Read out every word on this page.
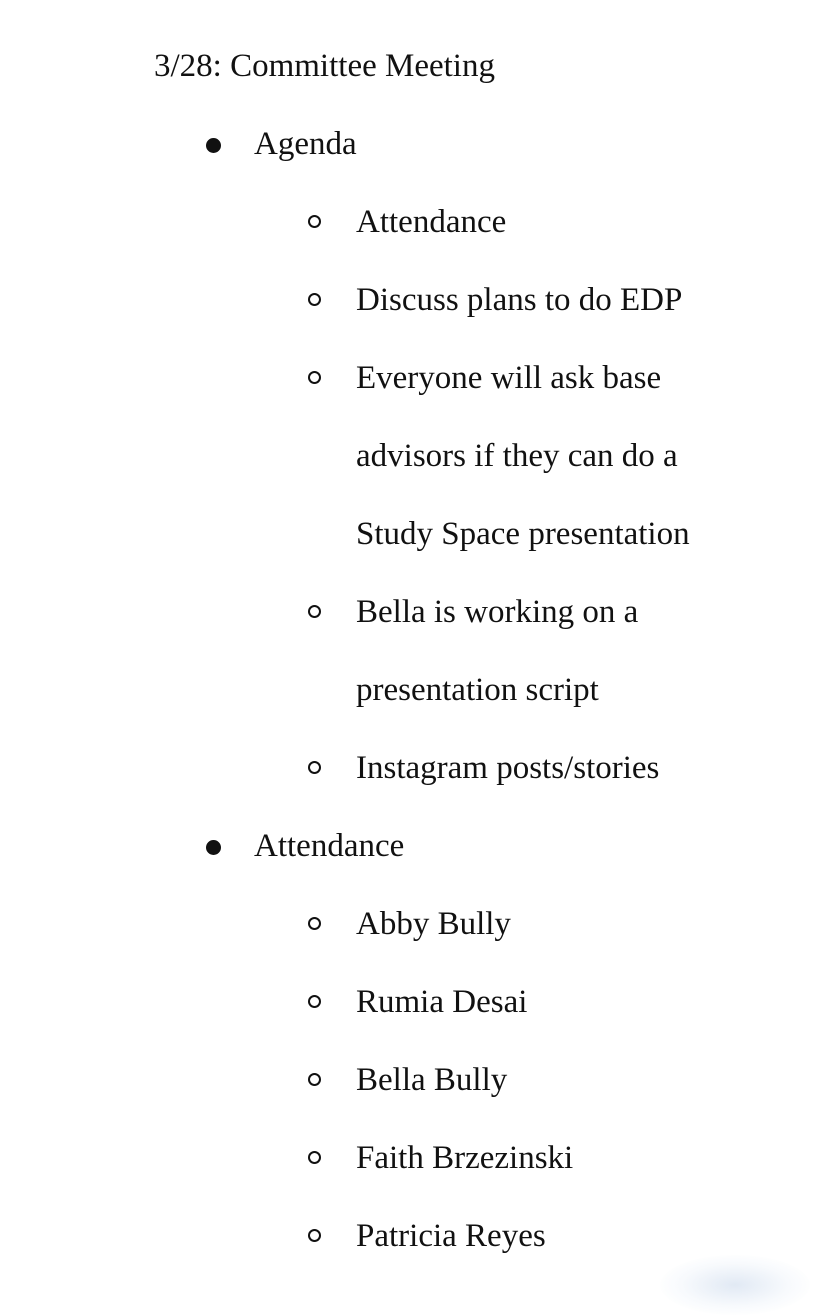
3/28: Committee Meeting
Agenda
Attendance
Discuss plans to do EDP
Everyone will ask base
advisors if they can do a
Study Space presentation
Bella is working on a
presentation script
Instagram posts/stories
Attendance
Abby Bully
Rumia Desai
Bella Bully
Faith Brzezinski
Patricia Reyes
